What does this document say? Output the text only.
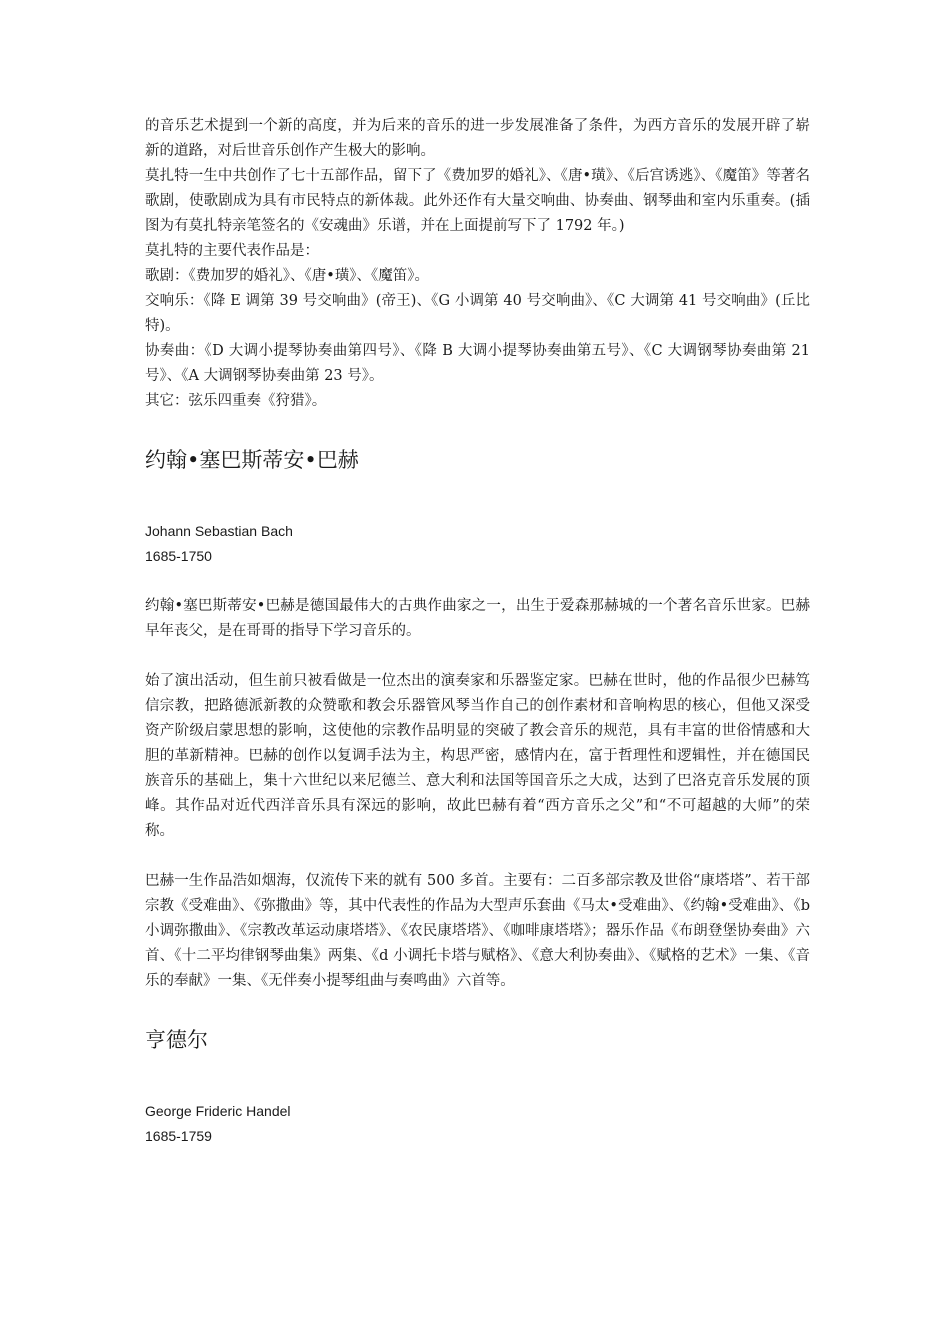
的音乐艺术提到一个新的高度，并为后来的音乐的进一步发展准备了条件，为西方音乐的发展开辟了崭新的道路，对后世音乐创作产生极大的影响。

莫扎特一生中共创作了七十五部作品，留下了《费加罗的婚礼》、《唐•璜》、《后宫诱逃》、《魔笛》等著名歌剧，使歌剧成为具有市民特点的新体裁。此外还作有大量交响曲、协奏曲、钢琴曲和室内乐重奏。(插图为有莫扎特亲笔签名的《安魂曲》乐谱，并在上面提前写下了 1792 年。)

莫扎特的主要代表作品是：

歌剧：《费加罗的婚礼》、《唐•璜》、《魔笛》。

交响乐：《降 E 调第 39 号交响曲》(帝王)、《G 小调第 40 号交响曲》、《C 大调第 41 号交响曲》(丘比特)。

协奏曲：《D 大调小提琴协奏曲第四号》、《降 B 大调小提琴协奏曲第五号》、《C 大调钢琴协奏曲第 21 号》、《A 大调钢琴协奏曲第 23 号》。

其它：弦乐四重奏《狩猎》。

约翰•塞巴斯蒂安•巴赫

Johann Sebastian Bach

1685-1750

约翰•塞巴斯蒂安•巴赫是德国最伟大的古典作曲家之一，出生于爱森那赫城的一个著名音乐世家。巴赫早年丧父，是在哥哥的指导下学习音乐的。

始了演出活动，但生前只被看做是一位杰出的演奏家和乐器鉴定家。巴赫在世时，他的作品很少巴赫笃信宗教，把路德派新教的众赞歌和教会乐器管风琴当作自己的创作素材和音响构思的核心，但他又深受资产阶级启蒙思想的影响，这使他的宗教作品明显的突破了教会音乐的规范，具有丰富的世俗情感和大胆的革新精神。巴赫的创作以复调手法为主，构思严密，感情内在，富于哲理性和逻辑性，并在德国民族音乐的基础上，集十六世纪以来尼德兰、意大利和法国等国音乐之大成，达到了巴洛克音乐发展的顶峰。其作品对近代西洋音乐具有深远的影响，故此巴赫有着“西方音乐之父”和“不可超越的大师”的荣称。

巴赫一生作品浩如烟海，仅流传下来的就有 500 多首。主要有：二百多部宗教及世俗“康塔塔”、若干部宗教《受难曲》、《弥撒曲》等，其中代表性的作品为大型声乐套曲《马太•受难曲》、《约翰•受难曲》、《b 小调弥撒曲》、《宗教改革运动康塔塔》、《农民康塔塔》、《咖啡康塔塔》；器乐作品《布朗登堡协奏曲》六首、《十二平均律钢琴曲集》两集、《d 小调托卡塔与赋格》、《意大利协奏曲》、《赋格的艺术》一集、《音乐的奉献》一集、《无伴奏小提琴组曲与奏鸣曲》六首等。

亨德尔

George Frideric Handel

1685-1759
